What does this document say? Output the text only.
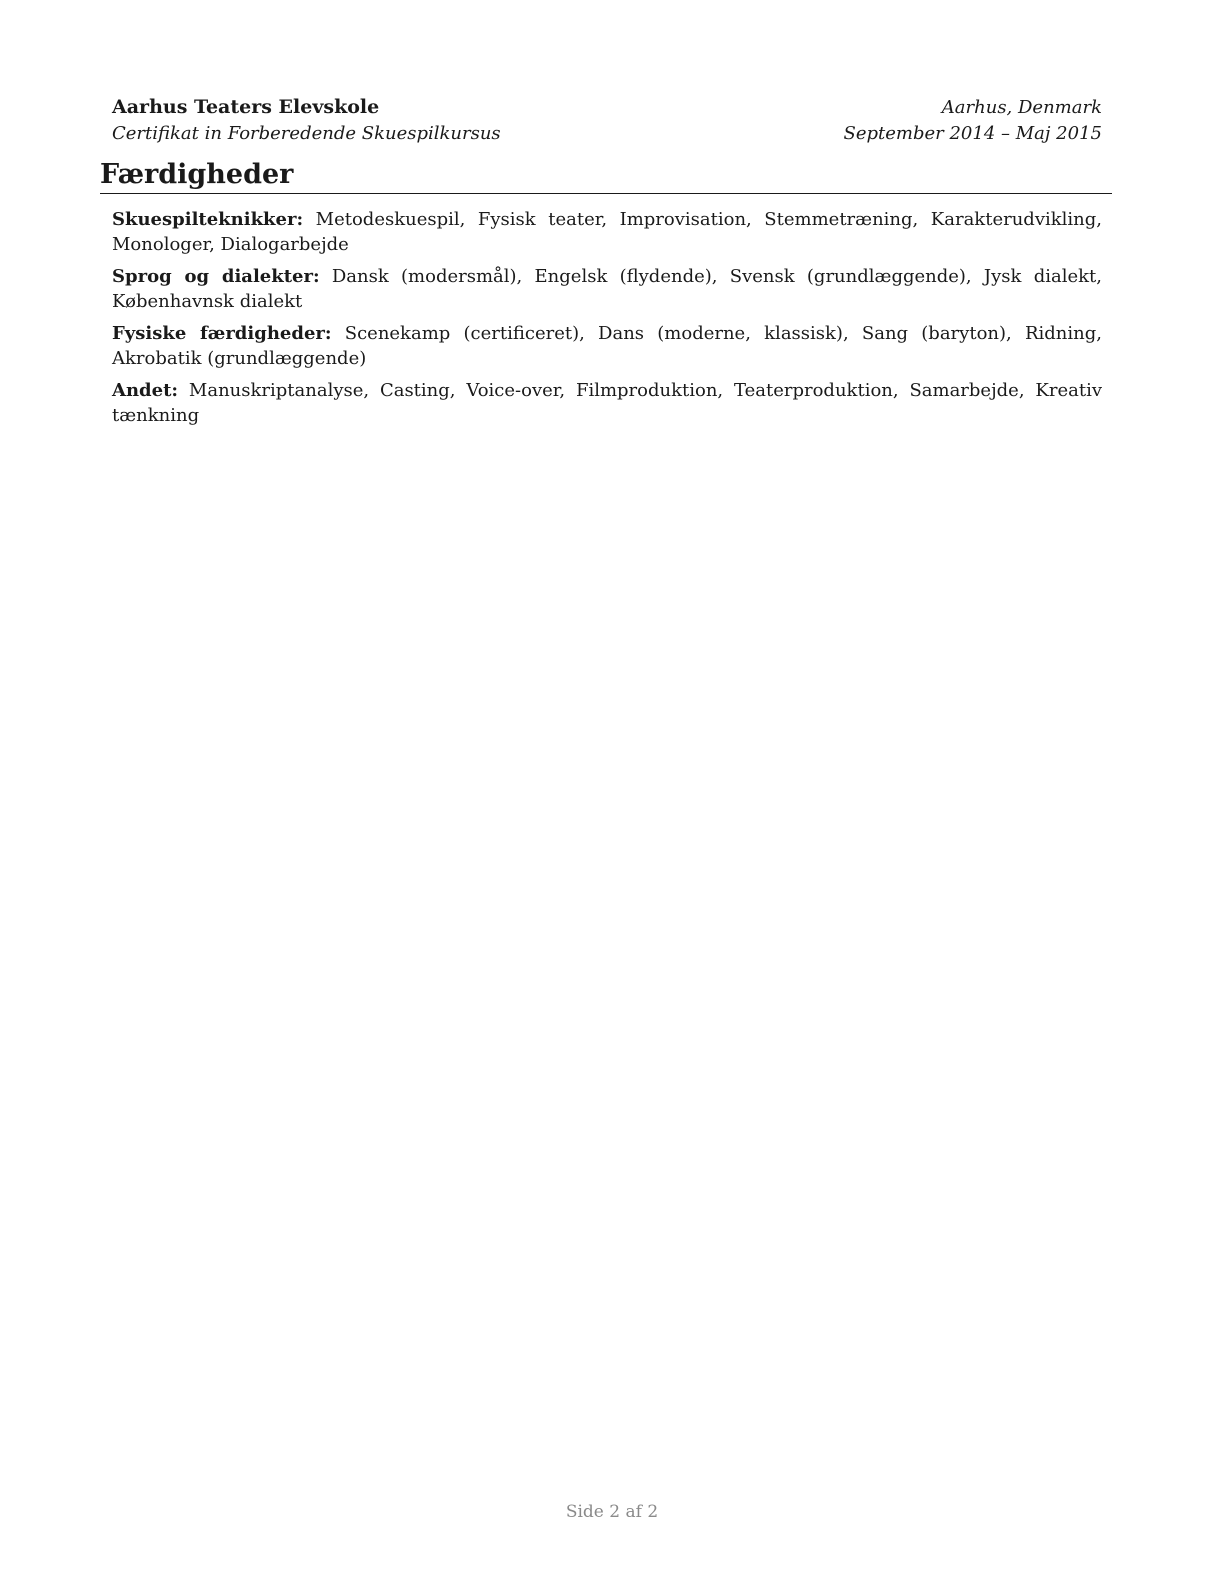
Aarhus Teaters Elevskole	Aarhus, Denmark
Certifikat in Forberedende Skuespilkursus	September 2014 – Maj 2015
Færdigheder
Skuespilteknikker: Metodeskuespil, Fysisk teater, Improvisation, Stemmetræning, Karakterudvikling, Monologer, Dialogarbejde
Sprog og dialekter: Dansk (modersmål), Engelsk (flydende), Svensk (grundlæggende), Jysk dialekt, Københavnsk dialekt
Fysiske færdigheder: Scenekamp (certificeret), Dans (moderne, klassisk), Sang (baryton), Ridning, Akrobatik (grundlæggende)
Andet: Manuskriptanalyse, Casting, Voice-over, Filmproduktion, Teaterproduktion, Samarbejde, Kreativ tænkning
Side 2 af 2
